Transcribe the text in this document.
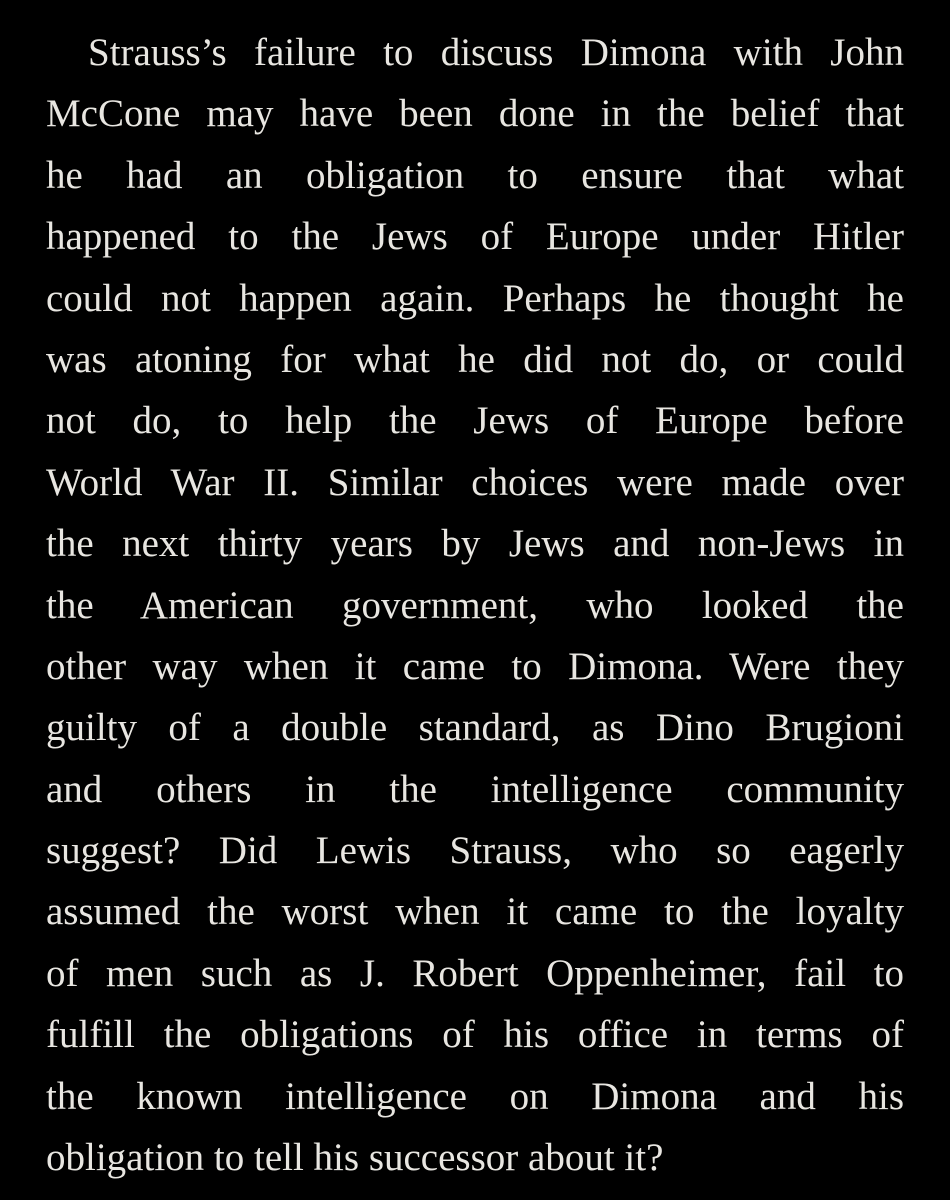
Strauss’s failure to discuss Dimona with John
McCone may have been done in the belief that
he had an obligation to ensure that what
happened to the Jews of Europe under Hitler
could not happen again. Perhaps he thought he
was atoning for what he did not do, or could
not do, to help the Jews of Europe before
World War II. Similar choices were made over
the next thirty years by Jews and non-Jews in
the American government, who looked the
other way when it came to Dimona. Were they
guilty of a double standard, as Dino Brugioni
and others in the intelligence community
suggest? Did Lewis Strauss, who so eagerly
assumed the worst when it came to the loyalty
of men such as J. Robert Oppenheimer, fail to
fulfill the obligations of his office in terms of
the known intelligence on Dimona and his
obligation to tell his successor about it?
